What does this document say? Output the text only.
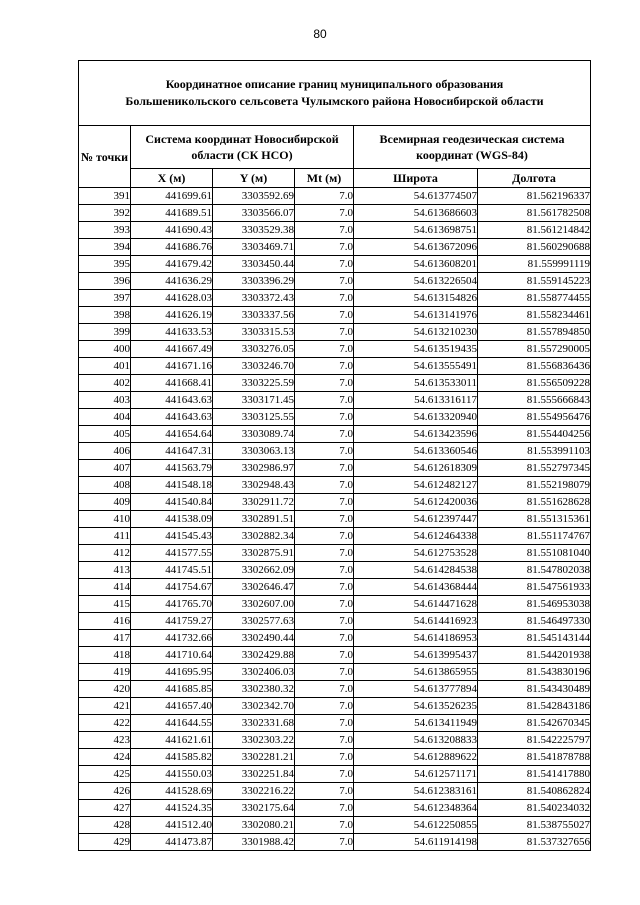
80
Координатное описание границ муниципального образования
Большеникольского сельсовета Чулымского района Новосибирской области					

№ точки	Система координат Новосибирской области (СК НСО)			Всемирная геодезическая система координат (WGS-84)	
	X (м)	Y (м)	Mt (м)	Широта	Долгота
391	441699.61	3303592.69	7.0	54.613774507	81.562196337
392	441689.51	3303566.07	7.0	54.613686603	81.561782508
393	441690.43	3303529.38	7.0	54.613698751	81.561214842
394	441686.76	3303469.71	7.0	54.613672096	81.560290688
395	441679.42	3303450.44	7.0	54.613608201	81.559991119
396	441636.29	3303396.29	7.0	54.613226504	81.559145223
397	441628.03	3303372.43	7.0	54.613154826	81.558774455
398	441626.19	3303337.56	7.0	54.613141976	81.558234461
399	441633.53	3303315.53	7.0	54.613210230	81.557894850
400	441667.49	3303276.05	7.0	54.613519435	81.557290005
401	441671.16	3303246.70	7.0	54.613555491	81.556836436
402	441668.41	3303225.59	7.0	54.613533011	81.556509228
403	441643.63	3303171.45	7.0	54.613316117	81.555666843
404	441643.63	3303125.55	7.0	54.613320940	81.554956476
405	441654.64	3303089.74	7.0	54.613423596	81.554404256
406	441647.31	3303063.13	7.0	54.613360546	81.553991103
407	441563.79	3302986.97	7.0	54.612618309	81.552797345
408	441548.18	3302948.43	7.0	54.612482127	81.552198079
409	441540.84	3302911.72	7.0	54.612420036	81.551628628
410	441538.09	3302891.51	7.0	54.612397447	81.551315361
411	441545.43	3302882.34	7.0	54.612464338	81.551174767
412	441577.55	3302875.91	7.0	54.612753528	81.551081040
413	441745.51	3302662.09	7.0	54.614284538	81.547802038
414	441754.67	3302646.47	7.0	54.614368444	81.547561933
415	441765.70	3302607.00	7.0	54.614471628	81.546953038
416	441759.27	3302577.63	7.0	54.614416923	81.546497330
417	441732.66	3302490.44	7.0	54.614186953	81.545143144
418	441710.64	3302429.88	7.0	54.613995437	81.544201938
419	441695.95	3302406.03	7.0	54.613865955	81.543830196
420	441685.85	3302380.32	7.0	54.613777894	81.543430489
421	441657.40	3302342.70	7.0	54.613526235	81.542843186
422	441644.55	3302331.68	7.0	54.613411949	81.542670345
423	441621.61	3302303.22	7.0	54.613208833	81.542225797
424	441585.82	3302281.21	7.0	54.612889622	81.541878788
425	441550.03	3302251.84	7.0	54.612571171	81.541417880
426	441528.69	3302216.22	7.0	54.612383161	81.540862824
427	441524.35	3302175.64	7.0	54.612348364	81.540234032
428	441512.40	3302080.21	7.0	54.612250855	81.538755027
429	441473.87	3301988.42	7.0	54.611914198	81.537327656
